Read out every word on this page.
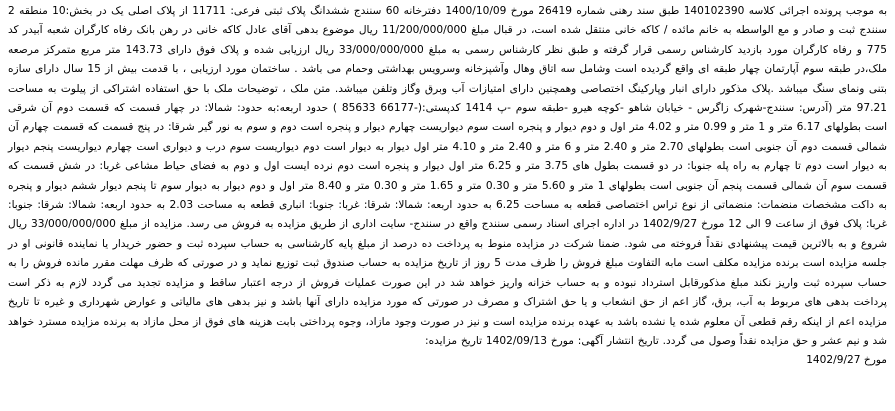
به موجب پرونده اجرائی کلاسه 140102390 طبق سند رهنی شماره 26419 مورخ 1400/10/09 دفترخانه 60 سنندج ششدانگ پلاک ثبتی فرعی: 11711 از پلاک اصلی یک در بخش:10 منطقه 2 سنندج ثبت و صادر و مع الواسطه به خانم مائده / کاکه خانی منتقل شده است، در قبال مبلغ 11/200/000/000 ریال موضوع بدهی آقای عادل کاکه خانی در رهن بانک رفاه کارگران شعبه آبیدر کد 775 و رفاه کارگران مورد بازدید کارشناس رسمی قرار گرفته و طبق نظر کارشناس رسمی به مبلغ 33/000/000/000 ریال ارزیابی شده و پلاک فوق دارای 143.73 متر مربع متمرکز مرصعه ملک،در طبقه سوم آپارتمان چهار طبقه ای واقع گردیده است وشامل سه اتاق وهال وآشپزخانه وسرویس بهداشتی وحمام می باشد . ساختمان مورد ارزیابی ، با قدمت بیش از 15 سال دارای سازه بتنی ونمای سنگ میباشد .پلاک مذکور دارای انبار وپارکینگ اختصاصی وهمچنین دارای امتیازات آب وبرق وگاز وتلفن میباشد. متن ملک ، توضیحات ملک با حق استفاده اشتراکی از پیلوت به مساحت 97.21 متر (آدرس: سنندج-شهرک زاگرس - خیابان شاهو -کوچه هیرو -طبقه سوم -پ 1414 کدپستی:(-66177 85633 ) حدود اربعه:به حدود: شمالا: در چهار قسمت که قسمت دوم آن شرقی است بطولهای 6.17 متر و 1 متر و 0.99 متر و 4.02 متر اول و دوم دیوار و پنجره است سوم دیواریست چهارم دیوار و پنجره است دوم و سوم به نور گیر شرقا: در پنج قسمت که قسمت چهارم آن شمالی قسمت دوم آن جنوبی است بطولهای 2.70 متر و 2.40 متر و 6 متر و 2.40 متر و 4.10 متر اول دیوار به دیوار است دوم دیواریست سوم درب و دیواری است چهارم دیواریست پنجم دیوار به دیوار است دوم تا چهارم به راه پله جنوبا: در دو قسمت بطول های 3.75 متر و 6.25 متر اول دیوار و پنجره است دوم نرده ایست اول و دوم به فضای حیاط مشاعی غربا: در شش قسمت که قسمت سوم آن شمالی قسمت پنجم آن جنوبی است بطولهای 1 متر و 5.60 متر و 0.30 متر و 1.65 متر و 0.30 متر و 8.40 متر اول و دوم دیوار به دیوار سوم تا پنجم دیوار ششم دیوار و پنجره به داکت مشخصات منضمات: منضماتی از نوع تراس اختصاصی قطعه به مساحت 6.25 به حدود اربعه: شمالا: شرقا: غربا: جنوبا: انباری قطعه به مساحت 2.03 به حدود اربعه: شمالا: شرقا: جنوبا: غربا: پلاک فوق از ساعت 9 الی 12 مورخ 1402/9/27 در اداره اجرای اسناد رسمی سنندج واقع در سنندج- سایت اداری از طریق مزایده به فروش می رسد. مزایده از مبلغ 33/000/000/000 ریال شروع و به بالاترین قیمت پیشنهادی نقداً فروخته می شود. ضمنا شرکت در مزایده منوط به پرداخت ده درصد از مبلغ پایه کارشناسی به حساب سپرده ثبت و حضور خریدار یا نماینده قانونی او در جلسه مزایده است برنده مزایده مکلف است مابه التفاوت مبلغ فروش را ظرف مدت 5 روز از تاریخ مزایده به حساب صندوق ثبت توزیع نماید و در صورتی که ظرف مهلت مقرر مانده فروش را به حساب سپرده ثبت واریز نکند مبلغ مذکورقابل استرداد نبوده و به حساب خزانه واریز خواهد شد در این صورت عملیات فروش از درجه اعتبار ساقط و مزایده تجدید می گردد لازم به ذکر است پرداخت بدهی های مربوط به آب، برق، گاز اعم از حق انشعاب و یا حق اشتراک و مصرف در صورتی که مورد مزایده دارای آنها باشد و نیز بدهی های مالیاتی و عوارض شهرداری و غیره تا تاریخ مزایده اعم از اینکه رقم قطعی آن معلوم شده یا نشده باشد به عهده برنده مزایده است و نیز در صورت وجود مازاد، وجوه پرداختی بابت هزینه های فوق از محل مازاد به برنده مزایده مسترد خواهد شد و نیم عشر و حق مزایده نقداً وصول می گردد. تاریخ انتشار آگهی: مورخ 1402/09/13 تاریخ مزایده:

مورخ 1402/9/27
